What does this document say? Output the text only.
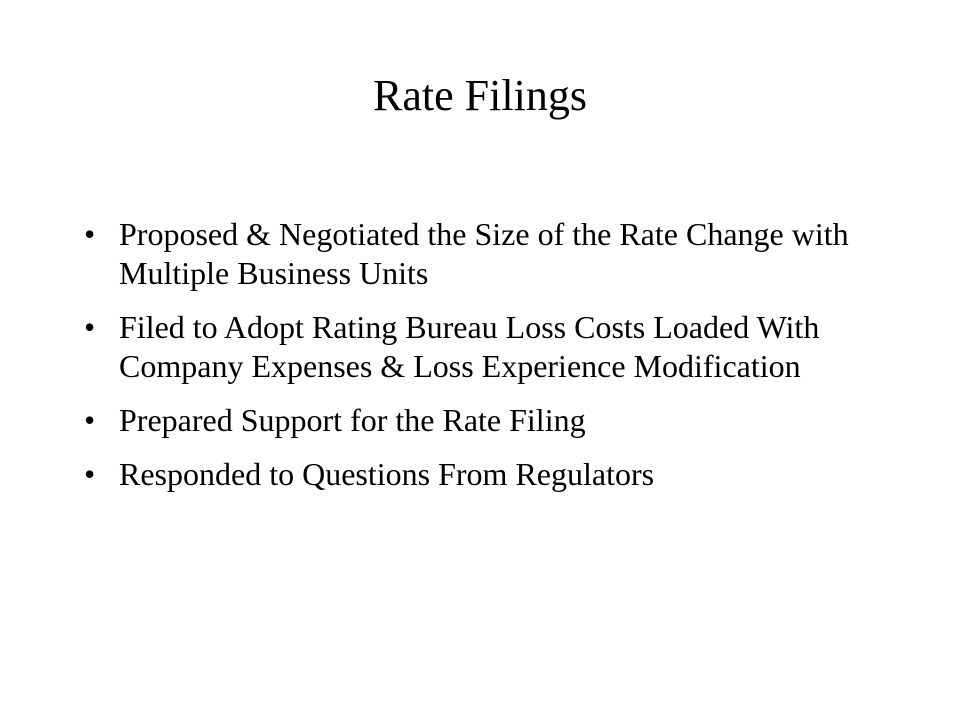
Rate Filings
• Proposed & Negotiated the Size of the Rate Change with Multiple Business Units
• Filed to Adopt Rating Bureau Loss Costs Loaded With Company Expenses & Loss Experience Modification
• Prepared Support for the Rate Filing
• Responded to Questions From Regulators
